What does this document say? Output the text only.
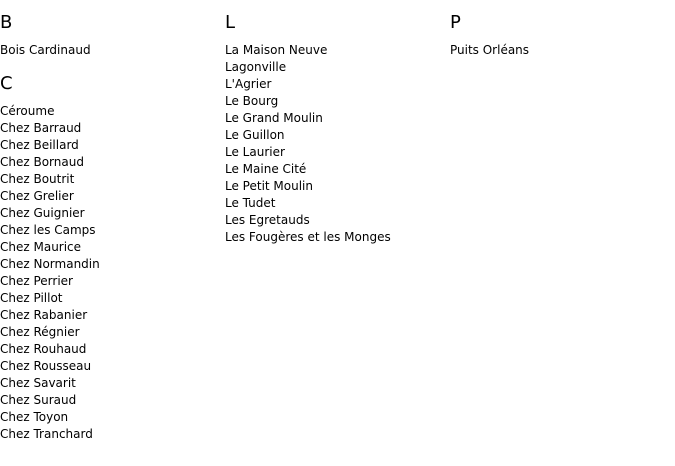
B
Bois Cardinaud
C
Céroume
Chez Barraud
Chez Beillard
Chez Bornaud
Chez Boutrit
Chez Grelier
Chez Guignier
Chez les Camps
Chez Maurice
Chez Normandin
Chez Perrier
Chez Pillot
Chez Rabanier
Chez Régnier
Chez Rouhaud
Chez Rousseau
Chez Savarit
Chez Suraud
Chez Toyon
Chez Tranchard
L
La Maison Neuve
Lagonville
L'Agrier
Le Bourg
Le Grand Moulin
Le Guillon
Le Laurier
Le Maine Cité
Le Petit Moulin
Le Tudet
Les Egretauds
Les Fougères et les Monges
P
Puits Orléans
